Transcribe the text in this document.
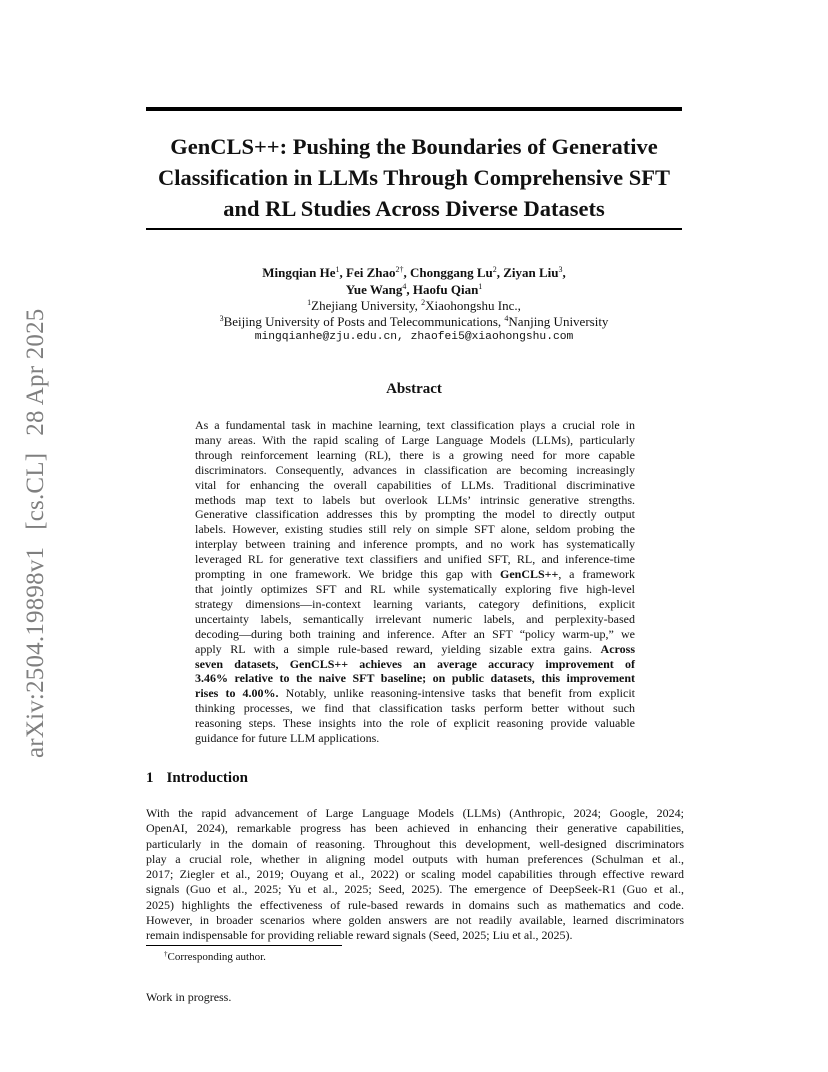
arXiv:2504.19898v1[cs.CL]28 Apr 2025
GenCLS++: Pushing the Boundaries of Generative
Classification in LLMs Through Comprehensive SFT
and RL Studies Across Diverse Datasets
Mingqian He$^1$, Fei Zhao$^{2\dagger}$, Chonggang Lu$^2$, Ziyan Liu$^3$,
Yue Wang$^4$, Haofu Qian$^1$
$^1$Zhejiang University, $^2$Xiaohongshu Inc.,
$^3$Beijing University of Posts and Telecommunications, $^4$Nanjing University
mingqianhe@zju.edu.cn, zhaofei5@xiaohongshu.com
Abstract
As a fundamental task in machine learning, text classification plays a crucial role in
many areas. With the rapid scaling of Large Language Models (LLMs), particularly
through reinforcement learning (RL), there is a growing need for more capable
discriminators. Consequently, advances in classification are becoming increasingly
vital for enhancing the overall capabilities of LLMs. Traditional discriminative
methods map text to labels but overlook LLMs’ intrinsic generative strengths.
Generative classification addresses this by prompting the model to directly output
labels. However, existing studies still rely on simple SFT alone, seldom probing the
interplay between training and inference prompts, and no work has systematically
leveraged RL for generative text classifiers and unified SFT, RL, and inference-time
prompting in one framework. We bridge this gap with GenCLS++, a framework
that jointly optimizes SFT and RL while systematically exploring five high-level
strategy dimensions—in-context learning variants, category definitions, explicit
uncertainty labels, semantically irrelevant numeric labels, and perplexity-based
decoding—during both training and inference. After an SFT “policy warm-up,” we
apply RL with a simple rule-based reward, yielding sizable extra gains. Across
seven datasets, GenCLS++ achieves an average accuracy improvement of
3.46% relative to the naive SFT baseline; on public datasets, this improvement
rises to 4.00%. Notably, unlike reasoning-intensive tasks that benefit from explicit
thinking processes, we find that classification tasks perform better without such
reasoning steps. These insights into the role of explicit reasoning provide valuable
guidance for future LLM applications.
1 Introduction
With the rapid advancement of Large Language Models (LLMs) (Anthropic, 2024; Google, 2024;
OpenAI, 2024), remarkable progress has been achieved in enhancing their generative capabilities,
particularly in the domain of reasoning. Throughout this development, well-designed discriminators
play a crucial role, whether in aligning model outputs with human preferences (Schulman et al.,
2017; Ziegler et al., 2019; Ouyang et al., 2022) or scaling model capabilities through effective reward
signals (Guo et al., 2025; Yu et al., 2025; Seed, 2025). The emergence of DeepSeek-R1 (Guo et al.,
2025) highlights the effectiveness of rule-based rewards in domains such as mathematics and code.
However, in broader scenarios where golden answers are not readily available, learned discriminators
remain indispensable for providing reliable reward signals (Seed, 2025; Liu et al., 2025).
†Corresponding author.
Work in progress.
